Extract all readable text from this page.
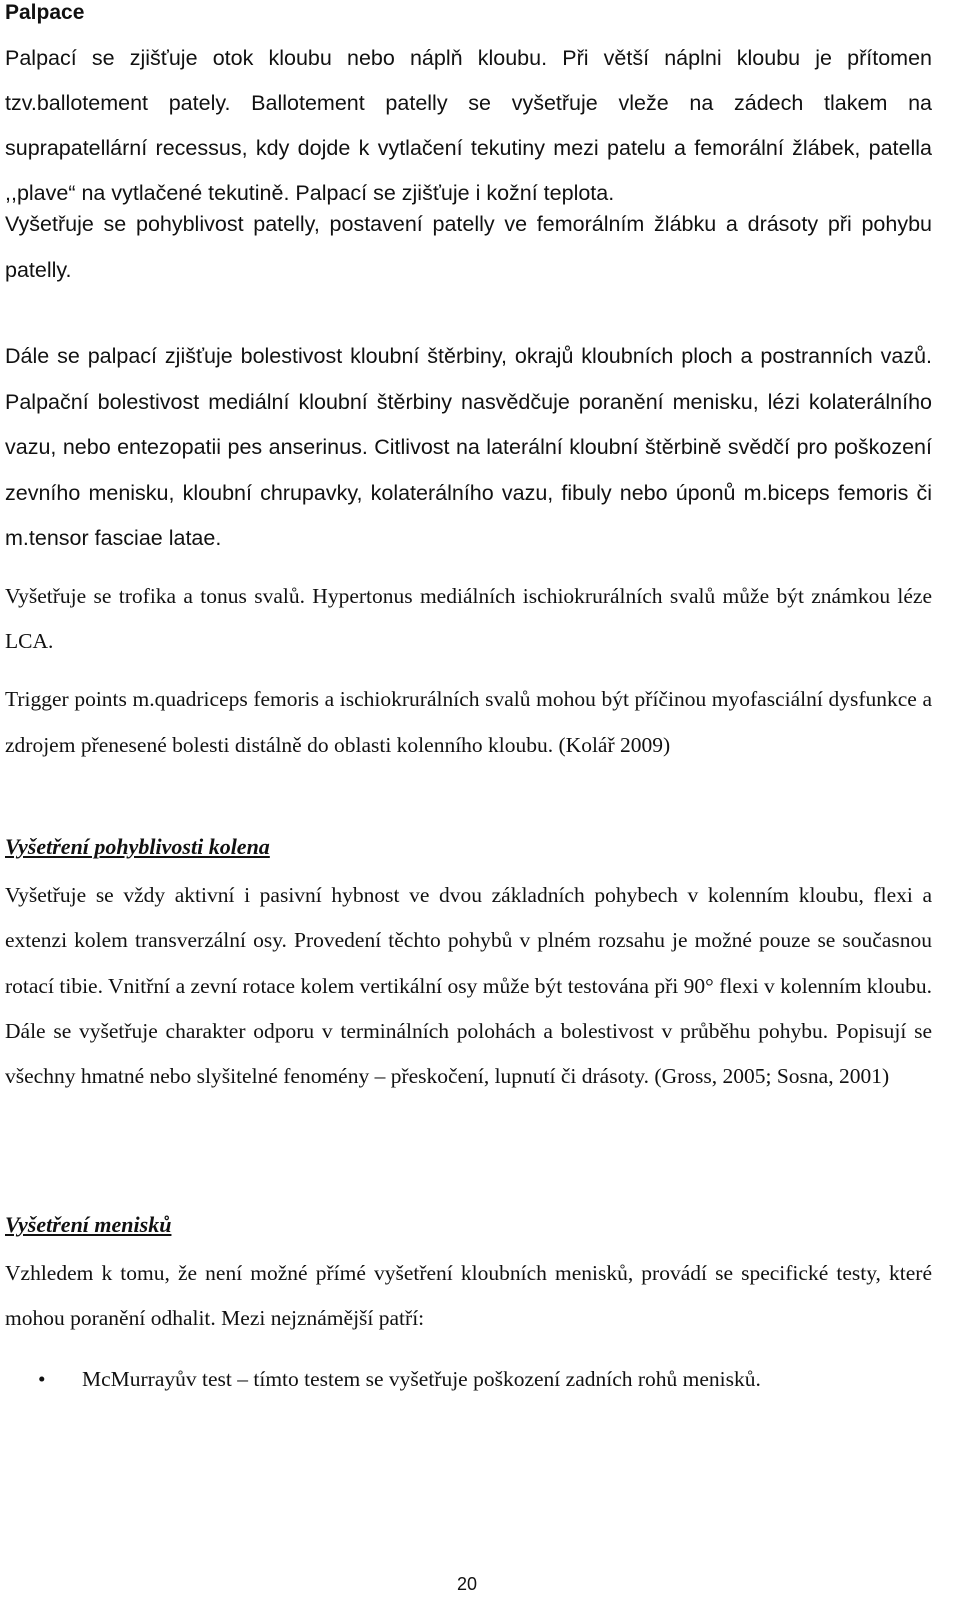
Palpace

Palpací se zjišťuje otok kloubu nebo náplň kloubu. Při větší náplni kloubu je přítomen tzv.ballotement pately. Ballotement patelly se vyšetřuje vleže na zádech tlakem na suprapatellární recessus, kdy dojde k vytlačení tekutiny mezi patelu a femorální žlábek, patella ,,plave“ na vytlačené tekutině. Palpací se zjišťuje i kožní teplota.

Vyšetřuje se pohyblivost patelly, postavení patelly ve femorálním žlábku a drásoty při pohybu patelly.

Dále se palpací zjišťuje bolestivost kloubní štěrbiny, okrajů kloubních ploch a postranních vazů. Palpační bolestivost mediální kloubní štěrbiny nasvědčuje poranění menisku, lézi kolaterálního vazu, nebo entezopatii pes anserinus. Citlivost na laterální kloubní štěrbině svědčí pro poškození zevního menisku, kloubní chrupavky, kolaterálního vazu, fibuly nebo úponů m.biceps femoris či m.tensor fasciae latae.

Vyšetřuje se trofika a tonus svalů. Hypertonus mediálních ischiokrurálních svalů může být známkou léze LCA.

Trigger points m.quadriceps femoris a ischiokrurálních svalů mohou být příčinou myofasciální dysfunkce a zdrojem přenesené bolesti distálně do oblasti kolenního kloubu. (Kolář 2009)

Vyšetření pohyblivosti kolena

Vyšetřuje se vždy aktivní i pasivní hybnost ve dvou základních pohybech v kolenním kloubu, flexi a extenzi kolem transverzální osy. Provedení těchto pohybů v plném rozsahu je možné pouze se současnou rotací tibie. Vnitřní a zevní rotace kolem vertikální osy může být testována při 90° flexi v kolenním kloubu. Dále se vyšetřuje charakter odporu v terminálních polohách a bolestivost v průběhu pohybu. Popisují se všechny hmatné nebo slyšitelné fenomény – přeskočení, lupnutí či drásoty. (Gross, 2005; Sosna, 2001)

Vyšetření menisků

Vzhledem k tomu, že není možné přímé vyšetření kloubních menisků, provádí se specifické testy, které mohou poranění odhalit. Mezi nejznámější patří:

• McMurrayův test – tímto testem se vyšetřuje poškození zadních rohů menisků.
20
